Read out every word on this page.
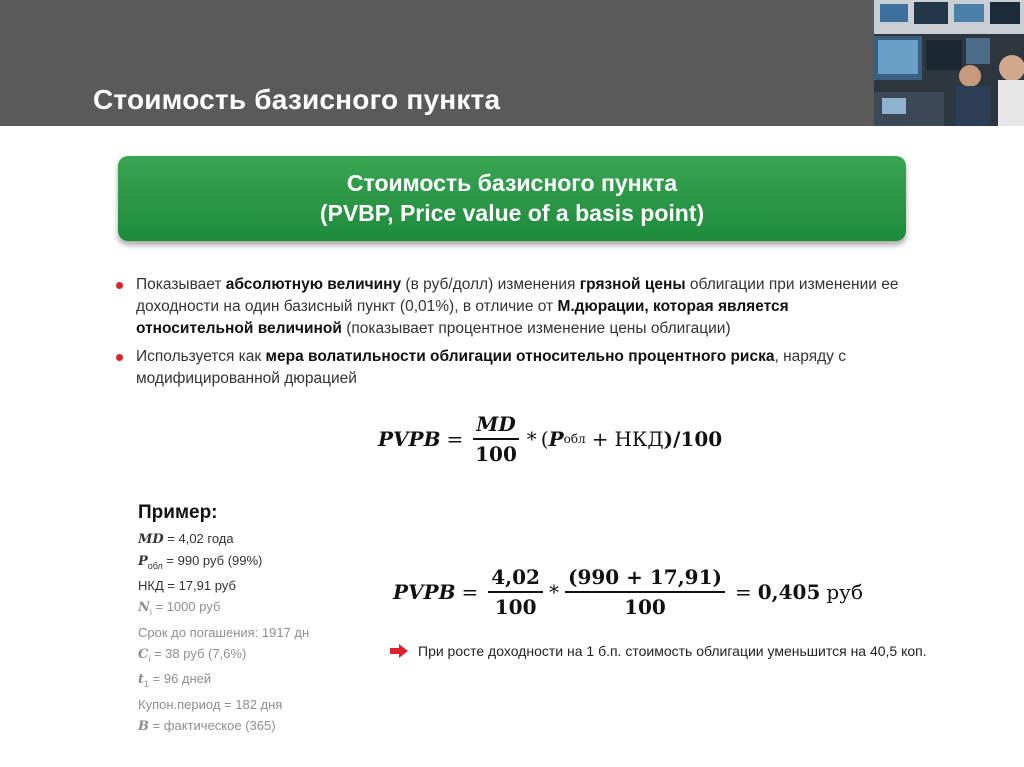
Стоимость базисного пункта
Стоимость базисного пункта
(PVBP, Price value of a basis point)
Показывает абсолютную величину (в руб/долл) изменения грязной цены облигации при изменении ее доходности на один базисный пункт (0,01%), в отличие от М.дюрации, которая является относительной величиной (показывает процентное изменение цены облигации)
Используется как мера волатильности облигации относительно процентного риска, наряду с модифицированной дюрацией
PVPB = $\frac{MD}{100}$ * ( P обл + НКД )/100
Пример:
MD = 4,02 года
$P_{обл} = 990$ руб (99%)
НКД = 17,91 руб
$N_i = 1000$ руб
Срок до погашения: 1917 дн
$C_i = 38$ руб (7,6%)
$t_1 = 96$ дней
Купон.период = 182 дня
B = фактическое (365)
PVPB = $\frac{4,02}{100} * \frac{(990 + 17,91)}{100} = 0,405$ руб
При росте доходности на 1 б.п. стоимость облигации уменьшится на 40,5 коп.
